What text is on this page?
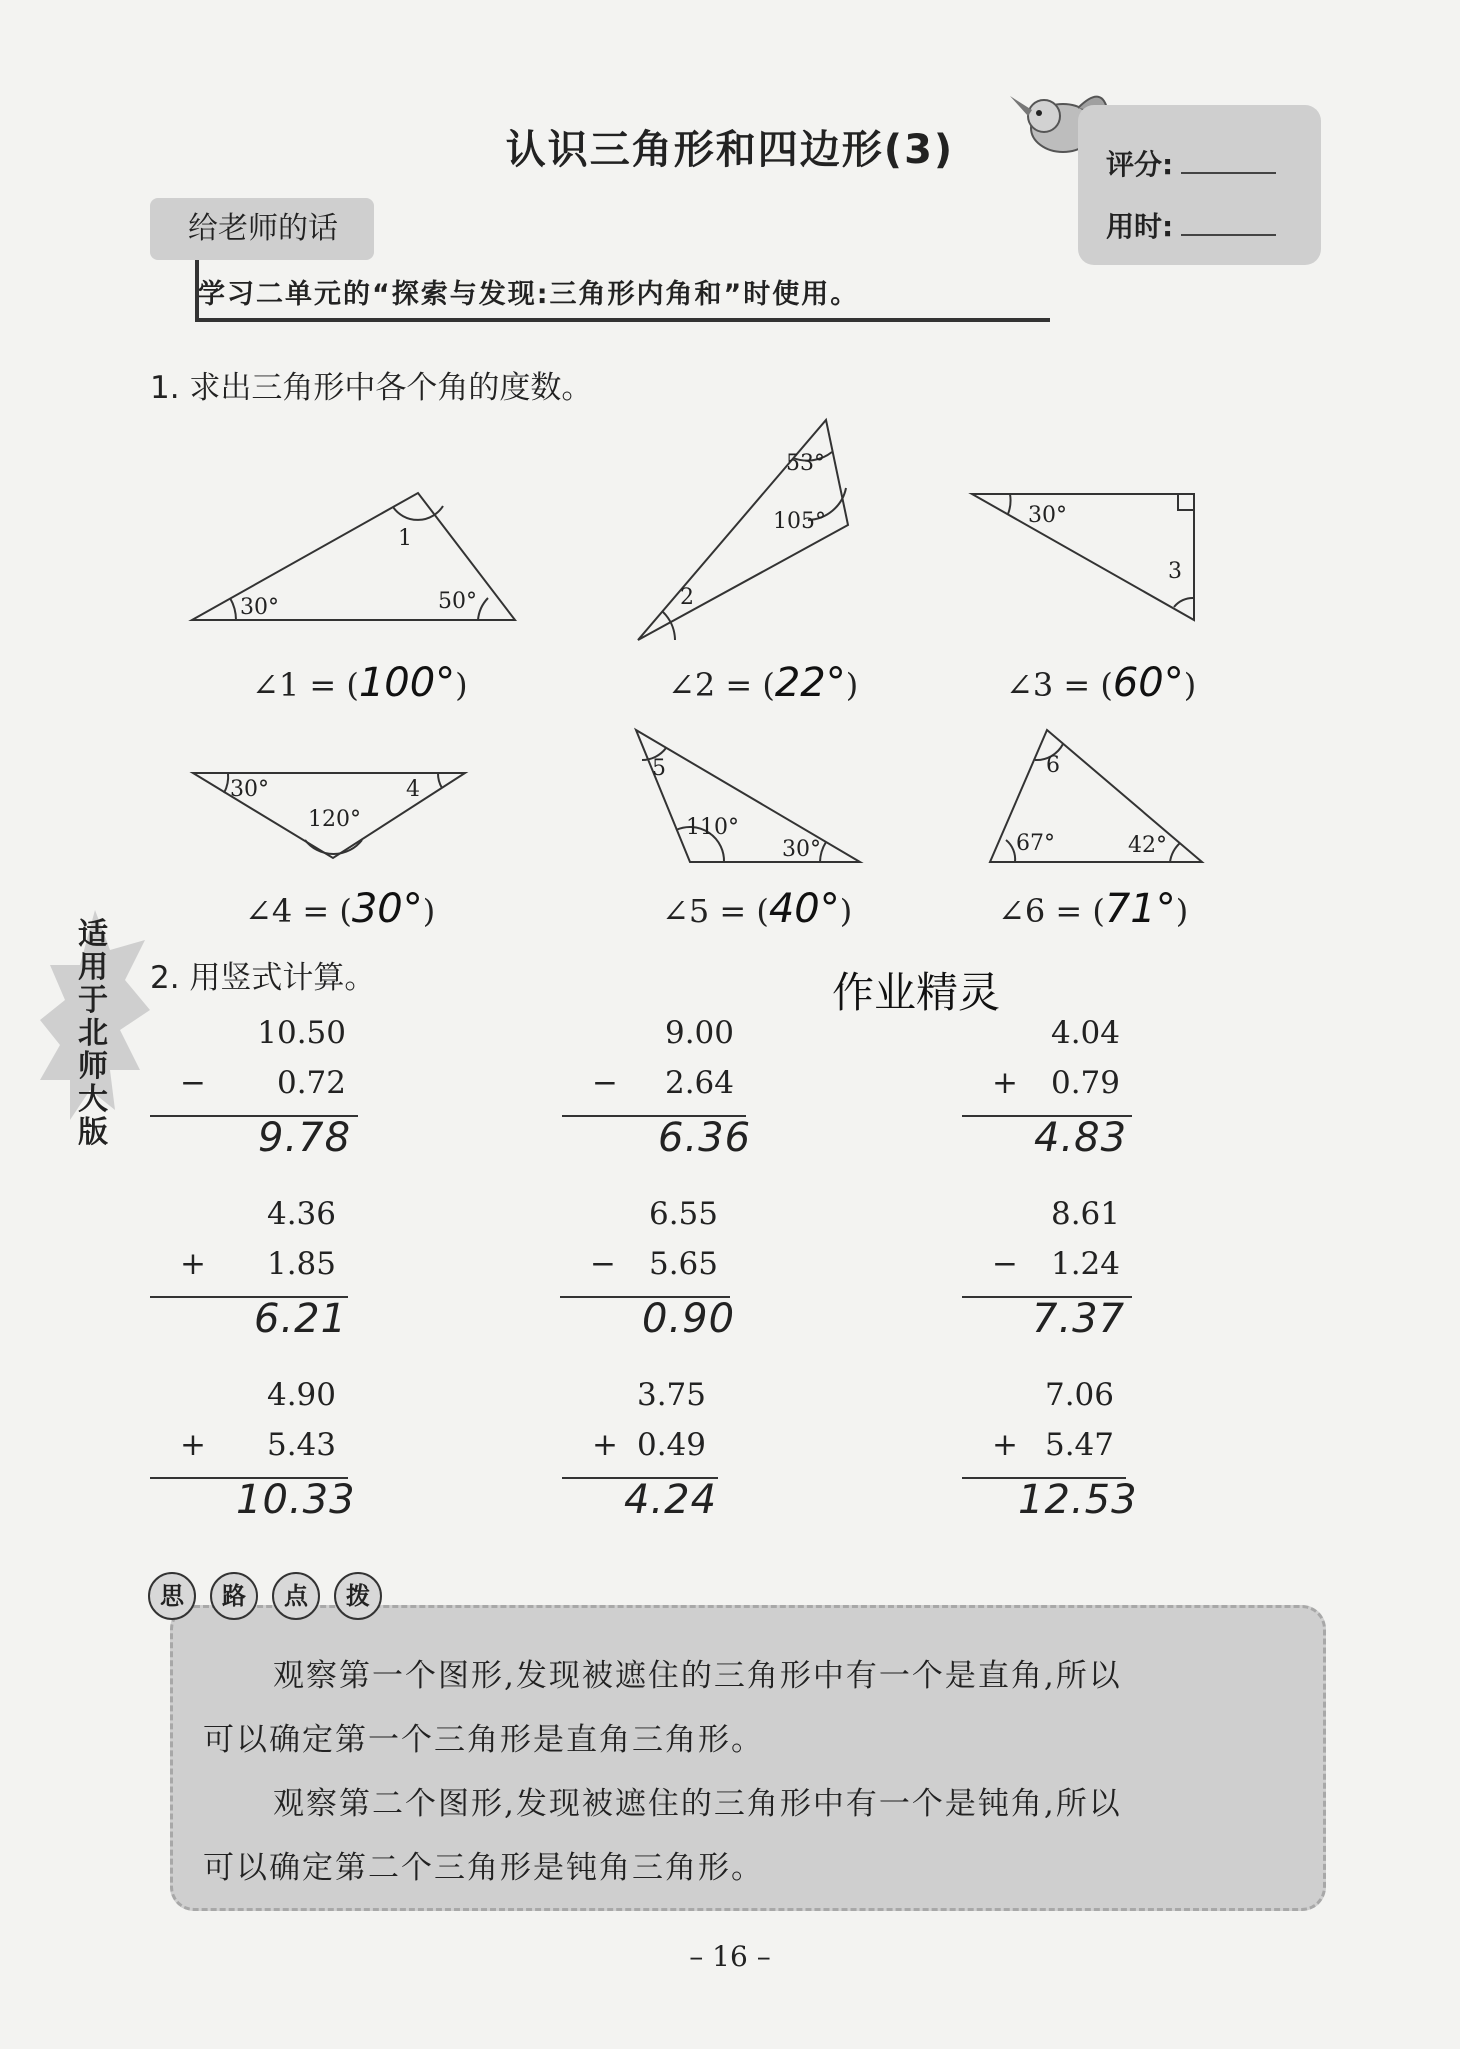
认识三角形和四边形(3)	评分:
用时:
给老师的话
学习二单元的“探索与发现:三角形内角和”时使用。
1. 求出三角形中各个角的度数。
1
30°	50°
53°
105°
2
30°
3
30°
120°
4
5
110°
30°
6
67°	42°
∠1 = (100°)	∠2 = (22°)	∠3 = (60°)
∠4 = (30°)	∠5 = (40°)	∠6 = (71°)
适用于北师大版
2. 用竖式计算。	作业精灵
10.50
− 0.72
9.78
9.00
− 2.64
6.36
4.04
+ 0.79
4.83
4.36
+ 1.85
6.21
6.55
− 5.65
0.90
8.61
− 1.24
7.37
4.90
+ 5.43
10.33
3.75
+ 0.49
4.24
7.06
+ 5.47
12.53
观察第一个图形,发现被遮住的三角形中有一个是直角,所以
可以确定第一个三角形是直角三角形。
观察第二个图形,发现被遮住的三角形中有一个是钝角,所以
可以确定第二个三角形是钝角三角形。
思 路 点 拨
– 16 –
